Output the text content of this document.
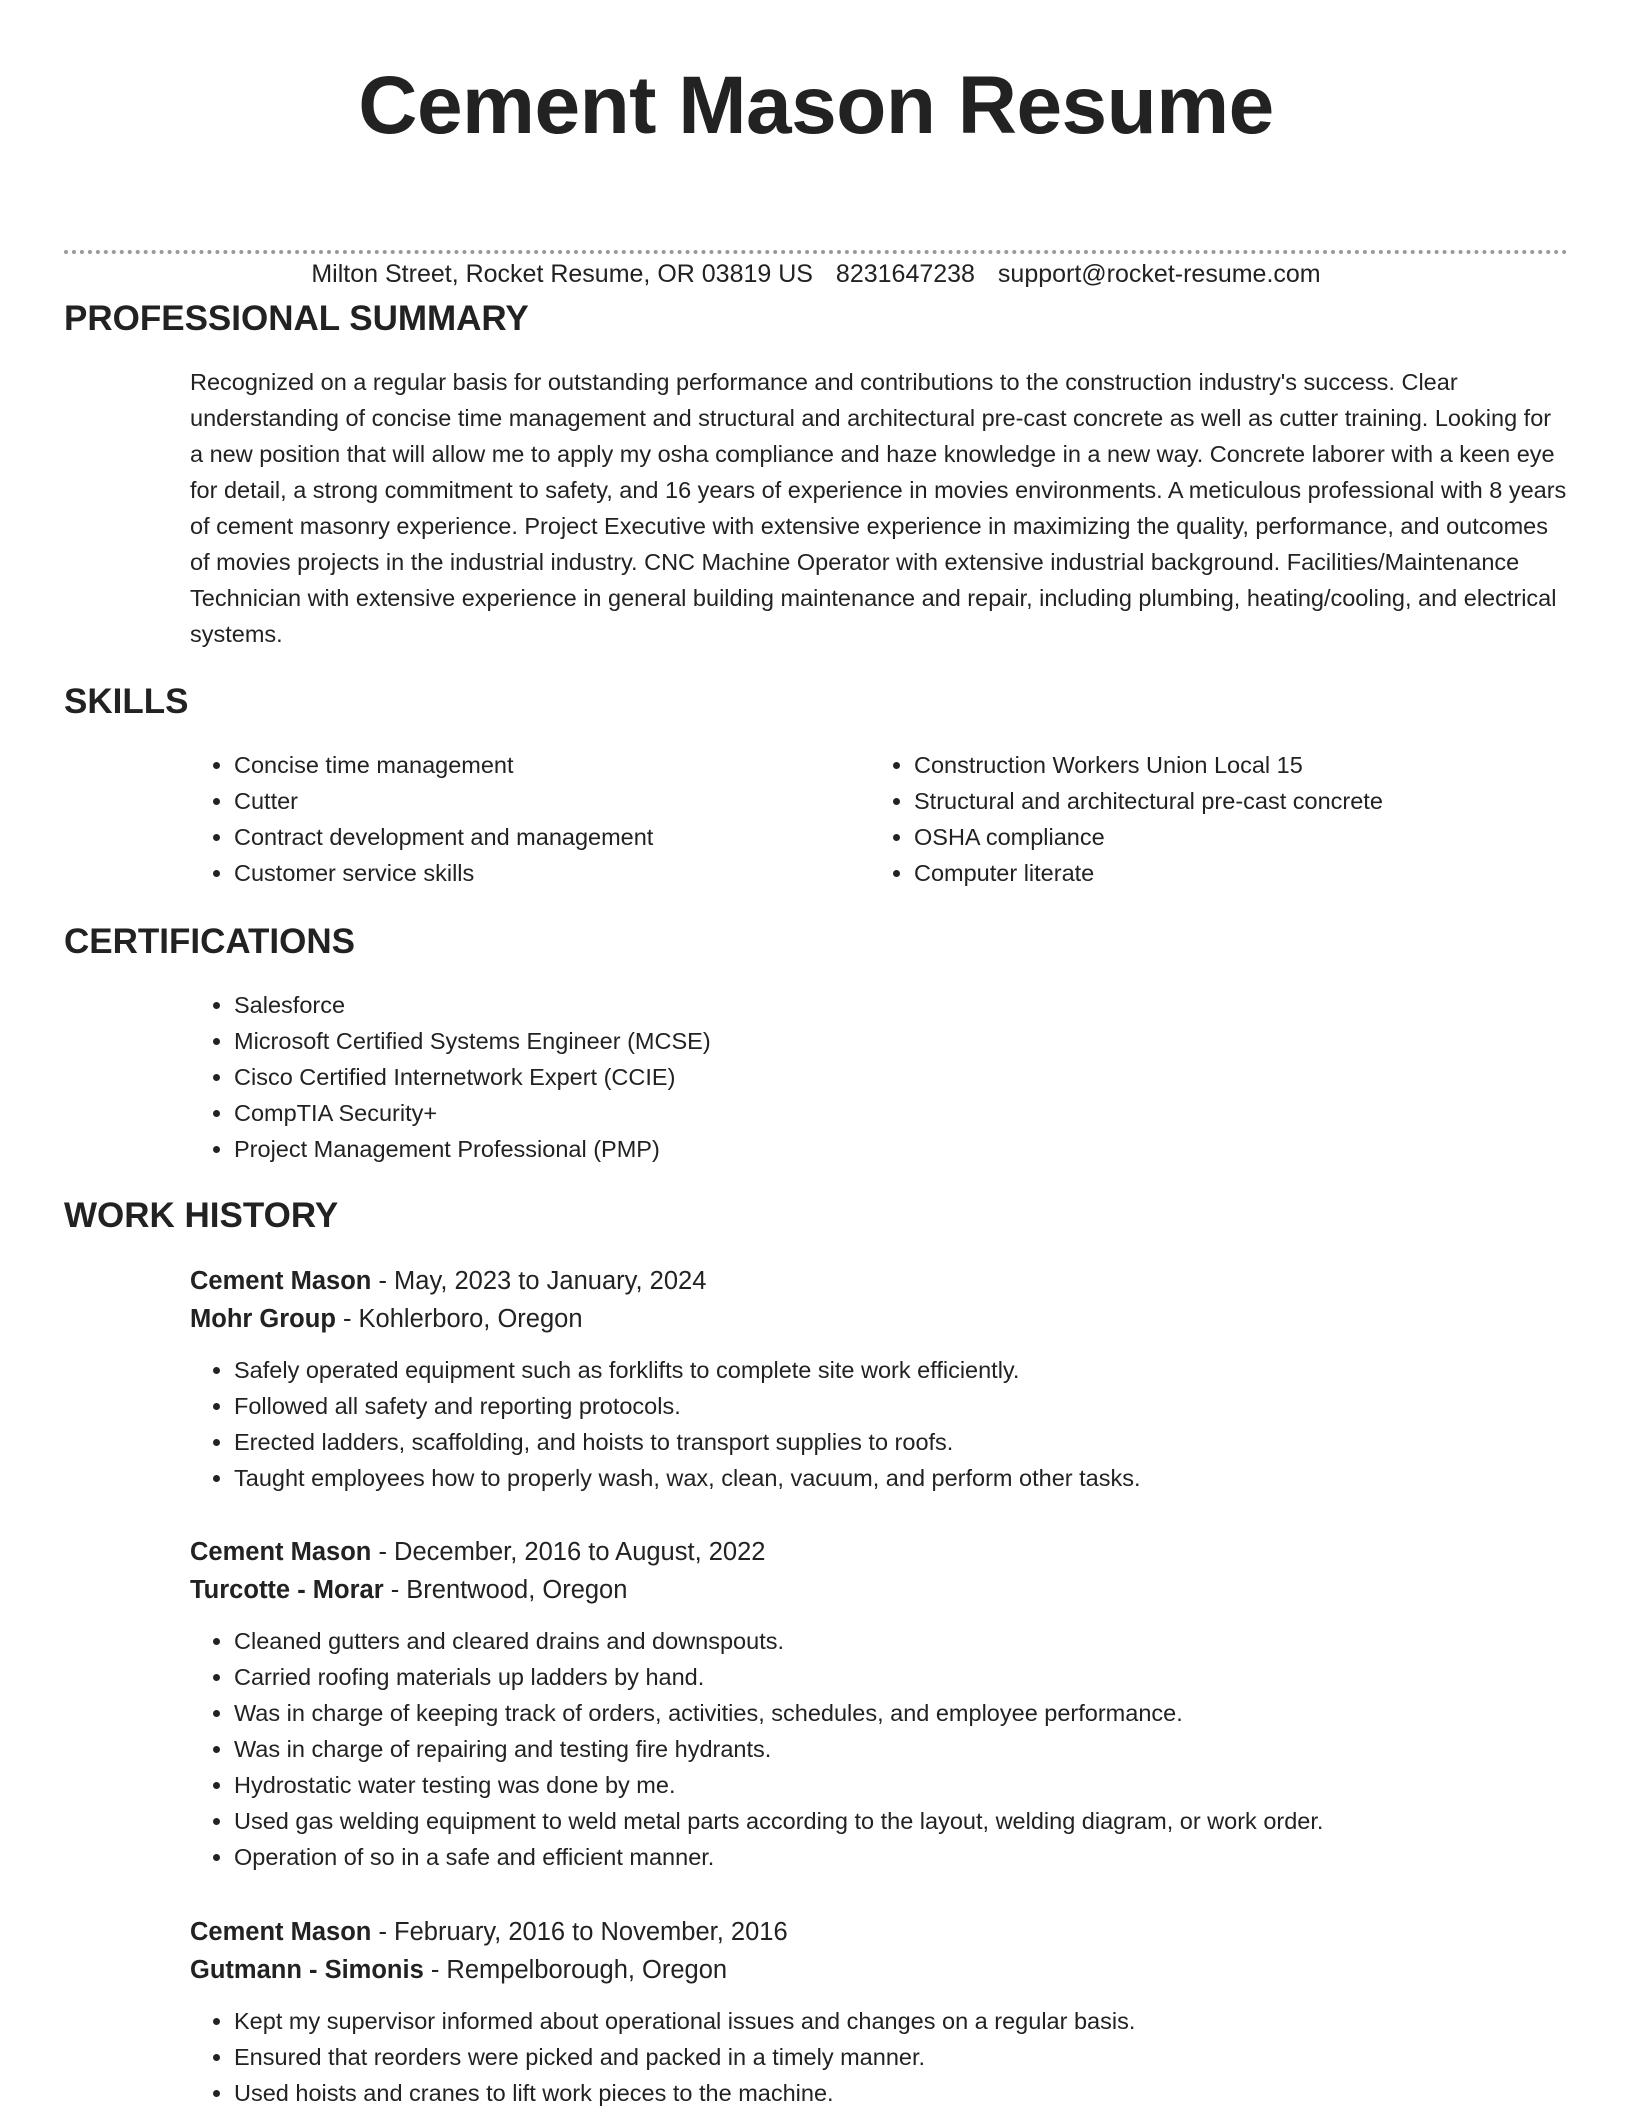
Cement Mason Resume
Milton Street, Rocket Resume, OR 03819 US 8231647238 support@rocket-resume.com
PROFESSIONAL SUMMARY
Recognized on a regular basis for outstanding performance and contributions to the construction industry's success. Clear understanding of concise time management and structural and architectural pre-cast concrete as well as cutter training. Looking for a new position that will allow me to apply my osha compliance and haze knowledge in a new way. Concrete laborer with a keen eye for detail, a strong commitment to safety, and 16 years of experience in movies environments. A meticulous professional with 8 years of cement masonry experience. Project Executive with extensive experience in maximizing the quality, performance, and outcomes of movies projects in the industrial industry. CNC Machine Operator with extensive industrial background. Facilities/Maintenance Technician with extensive experience in general building maintenance and repair, including plumbing, heating/cooling, and electrical systems.
SKILLS
• Concise time management
• Cutter
• Contract development and management
• Customer service skills
• Construction Workers Union Local 15
• Structural and architectural pre-cast concrete
• OSHA compliance
• Computer literate
CERTIFICATIONS
• Salesforce
• Microsoft Certified Systems Engineer (MCSE)
• Cisco Certified Internetwork Expert (CCIE)
• CompTIA Security+
• Project Management Professional (PMP)
WORK HISTORY
Cement Mason - May, 2023 to January, 2024
Mohr Group - Kohlerboro, Oregon
• Safely operated equipment such as forklifts to complete site work efficiently.
• Followed all safety and reporting protocols.
• Erected ladders, scaffolding, and hoists to transport supplies to roofs.
• Taught employees how to properly wash, wax, clean, vacuum, and perform other tasks.
Cement Mason - December, 2016 to August, 2022
Turcotte - Morar - Brentwood, Oregon
• Cleaned gutters and cleared drains and downspouts.
• Carried roofing materials up ladders by hand.
• Was in charge of keeping track of orders, activities, schedules, and employee performance.
• Was in charge of repairing and testing fire hydrants.
• Hydrostatic water testing was done by me.
• Used gas welding equipment to weld metal parts according to the layout, welding diagram, or work order.
• Operation of so in a safe and efficient manner.
Cement Mason - February, 2016 to November, 2016
Gutmann - Simonis - Rempelborough, Oregon
• Kept my supervisor informed about operational issues and changes on a regular basis.
• Ensured that reorders were picked and packed in a timely manner.
• Used hoists and cranes to lift work pieces to the machine.
